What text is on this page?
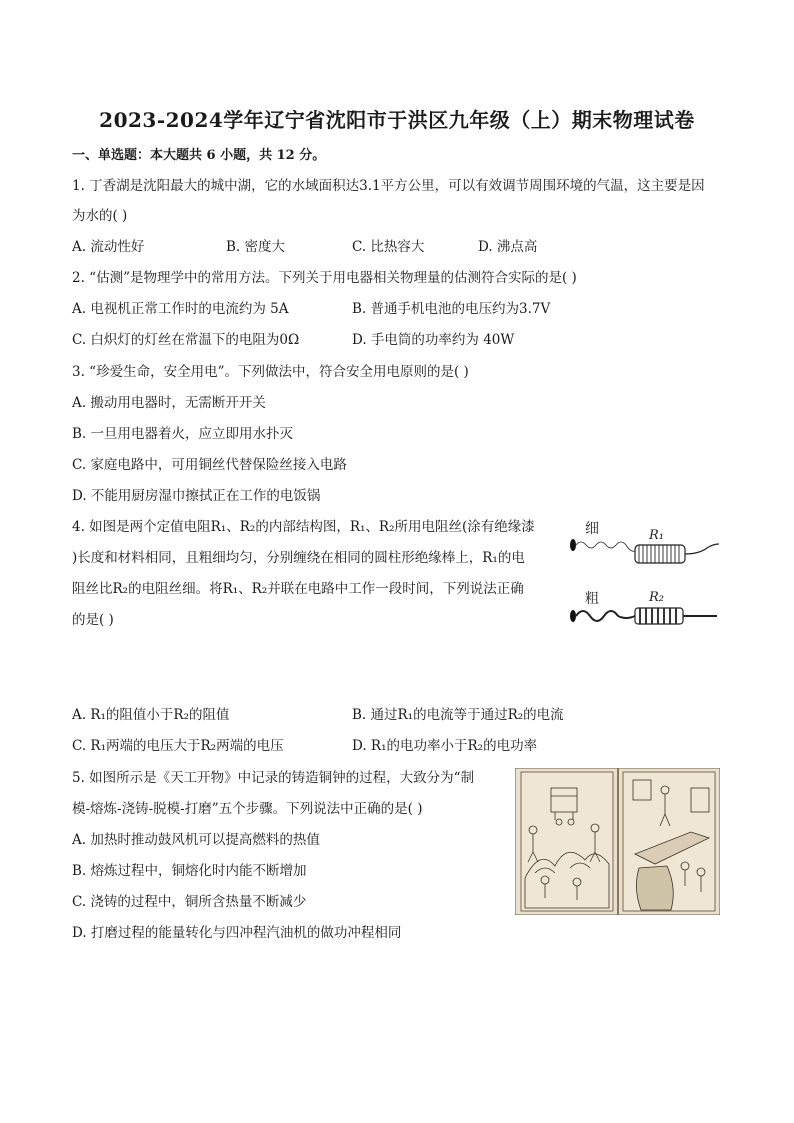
2023-2024学年辽宁省沈阳市于洪区九年级（上）期末物理试卷
一、单选题：本大题共 6 小题，共 12 分。
1. 丁香湖是沈阳最大的城中湖，它的水域面积达3.1平方公里，可以有效调节周围环境的气温，这主要是因
为水的( )
A. 流动性好	B. 密度大	C. 比热容大	D. 沸点高
2. “估测”是物理学中的常用方法。下列关于用电器相关物理量的估测符合实际的是( )
A. 电视机正常工作时的电流约为 5A	B. 普通手机电池的电压约为3.7V
C. 白炽灯的灯丝在常温下的电阻为0Ω	D. 手电筒的功率约为 40W
3. “珍爱生命，安全用电”。下列做法中，符合安全用电原则的是( )
A. 搬动用电器时，无需断开开关
B. 一旦用电器着火，应立即用水扑灭
C. 家庭电路中，可用铜丝代替保险丝接入电路
D. 不能用厨房湿巾擦拭正在工作的电饭锅
4. 如图是两个定值电阻R₁、R₂的内部结构图，R₁、R₂所用电阻丝(涂有绝缘漆
)长度和材料相同，且粗细均匀，分别缠绕在相同的圆柱形绝缘棒上，R₁的电
阻丝比R₂的电阻丝细。将R₁、R₂并联在电路中工作一段时间，下列说法正确
的是( )
细	R₁
粗	R₂
A. R₁的阻值小于R₂的阻值	B. 通过R₁的电流等于通过R₂的电流
C. R₁两端的电压大于R₂两端的电压	D. R₁的电功率小于R₂的电功率
5. 如图所示是《天工开物》中记录的铸造铜钟的过程，大致分为“制
模-熔炼-浇铸-脱模-打磨”五个步骤。下列说法中正确的是( )
A. 加热时推动鼓风机可以提高燃料的热值
B. 熔炼过程中，铜熔化时内能不断增加
C. 浇铸的过程中，铜所含热量不断减少
D. 打磨过程的能量转化与四冲程汽油机的做功冲程相同
